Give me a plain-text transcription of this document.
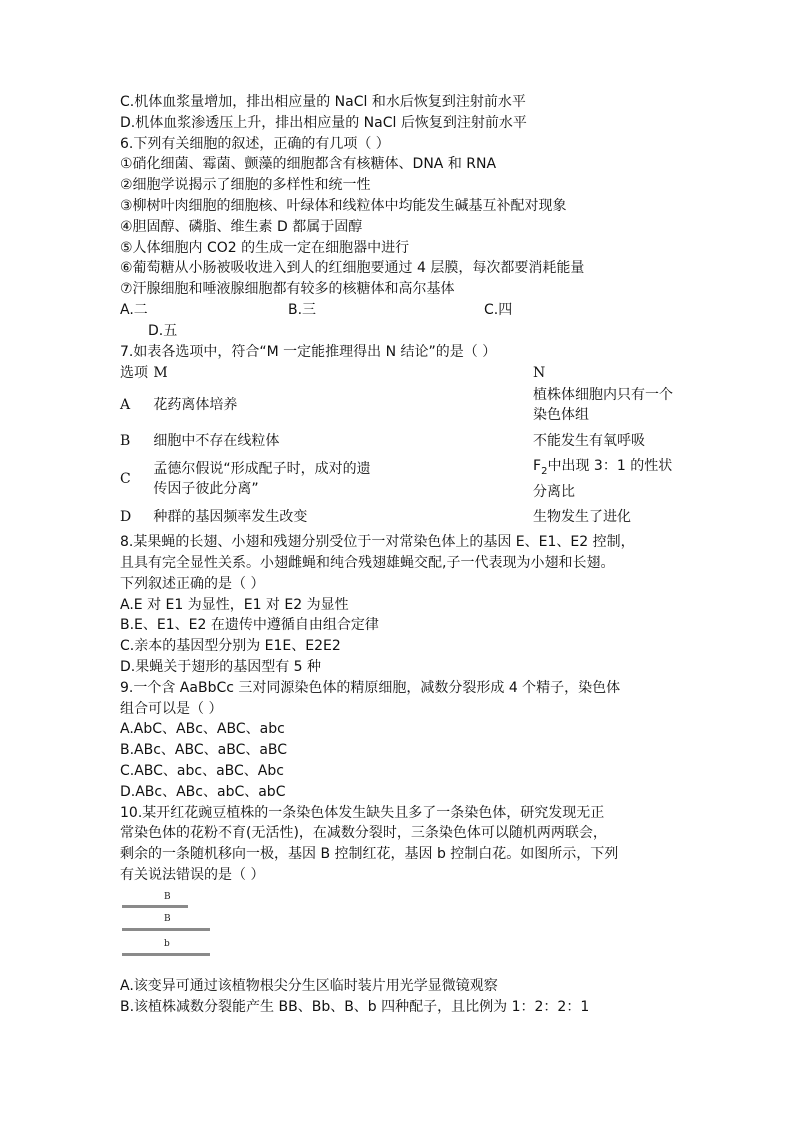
C.机体血浆量增加，排出相应量的 NaCl 和水后恢复到注射前水平
D.机体血浆渗透压上升，排出相应量的 NaCl 后恢复到注射前水平
6.下列有关细胞的叙述，正确的有几项（ ）
①硝化细菌、霉菌、颤藻的细胞都含有核糖体、DNA 和 RNA
②细胞学说揭示了细胞的多样性和统一性
③柳树叶肉细胞的细胞核、叶绿体和线粒体中均能发生碱基互补配对现象
④胆固醇、磷脂、维生素 D 都属于固醇
⑤人体细胞内 CO2 的生成一定在细胞器中进行
⑥葡萄糖从小肠被吸收进入到人的红细胞要通过 4 层膜，每次都要消耗能量
⑦汗腺细胞和唾液腺细胞都有较多的核糖体和高尔基体
A.二	B.三	C.四
D.五
7.如表各选项中，符合“M 一定能推理得出 N 结论”的是（ ）
选项	M	N
A	花药离体培养	植株体细胞内只有一个染色体组
B	细胞中不存在线粒体	不能发生有氧呼吸
C	孟德尔假说“形成配子时，成对的遗传因子彼此分离”	$F_2$中出现 3：1 的性状分离比
D	种群的基因频率发生改变	生物发生了进化
8.某果蝇的长翅、小翅和残翅分别受位于一对常染色体上的基因 E、E1、E2 控制，
且具有完全显性关系。小翅雌蝇和纯合残翅雄蝇交配,子一代表现为小翅和长翅。
下列叙述正确的是（ ）
A.E 对 E1 为显性，E1 对 E2 为显性
B.E、E1、E2 在遗传中遵循自由组合定律
C.亲本的基因型分别为 E1E、E2E2
D.果蝇关于翅形的基因型有 5 种
9.一个含 AaBbCc 三对同源染色体的精原细胞，减数分裂形成 4 个精子，染色体
组合可以是（ ）
A.AbC、ABc、ABC、abc
B.ABc、ABC、aBC、aBC
C.ABC、abc、aBC、Abc
D.ABc、ABc、abC、abC
10.某开红花豌豆植株的一条染色体发生缺失且多了一条染色体，研究发现无正
常染色体的花粉不育(无活性)，在减数分裂时，三条染色体可以随机两两联会，
剩余的一条随机移向一极，基因 B 控制红花，基因 b 控制白花。如图所示，下列
有关说法错误的是（ ）
B
B
b
A.该变异可通过该植物根尖分生区临时装片用光学显微镜观察
B.该植株减数分裂能产生 BB、Bb、B、b 四种配子，且比例为 1：2：2：1
